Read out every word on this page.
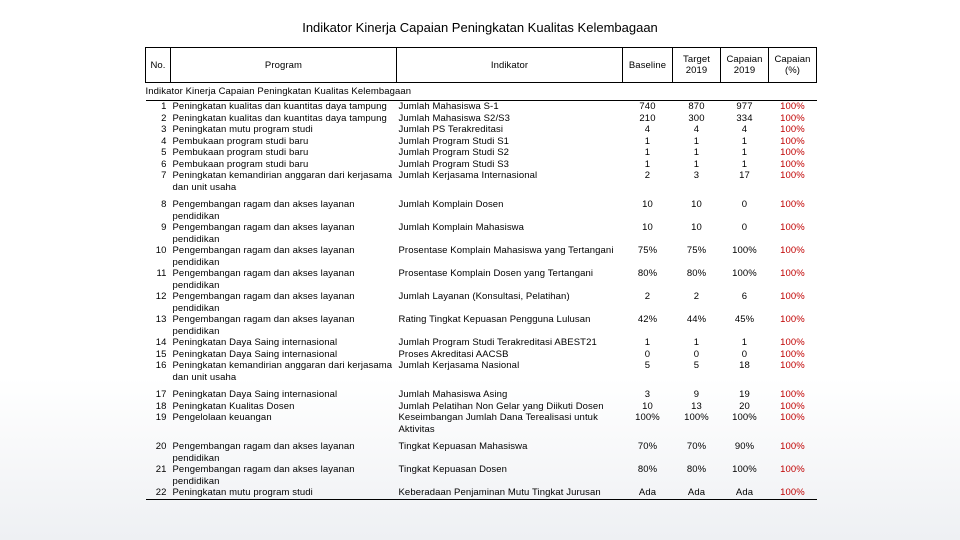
Indikator Kinerja Capaian Peningkatan Kualitas Kelembagaan
No.	Program	Indikator	Baseline	Target 2019	Capaian 2019	Capaian (%)
Indikator Kinerja Capaian Peningkatan Kualitas Kelembagaan						
1	Peningkatan kualitas dan kuantitas daya tampung	Jumlah Mahasiswa S-1	740	870	977	100%
2	Peningkatan kualitas dan kuantitas daya tampung	Jumlah Mahasiswa S2/S3	210	300	334	100%
3	Peningkatan mutu program studi	Jumlah PS Terakreditasi	4	4	4	100%
4	Pembukaan program studi baru	Jumlah Program Studi S1	1	1	1	100%
5	Pembukaan program studi baru	Jumlah Program Studi S2	1	1	1	100%
6	Pembukaan program studi baru	Jumlah Program Studi S3	1	1	1	100%
7	Peningkatan kemandirian anggaran dari kerjasama dan unit usaha	Jumlah Kerjasama Internasional	2	3	17	100%
8	Pengembangan ragam dan akses layanan pendidikan	Jumlah Komplain Dosen	10	10	0	100%
9	Pengembangan ragam dan akses layanan pendidikan	Jumlah Komplain Mahasiswa	10	10	0	100%
10	Pengembangan ragam dan akses layanan pendidikan	Prosentase Komplain Mahasiswa yang Tertangani	75%	75%	100%	100%
11	Pengembangan ragam dan akses layanan pendidikan	Prosentase Komplain Dosen yang Tertangani	80%	80%	100%	100%
12	Pengembangan ragam dan akses layanan pendidikan	Jumlah Layanan (Konsultasi, Pelatihan)	2	2	6	100%
13	Pengembangan ragam dan akses layanan pendidikan	Rating Tingkat Kepuasan Pengguna Lulusan	42%	44%	45%	100%
14	Peningkatan Daya Saing internasional	Jumlah Program Studi Terakreditasi ABEST21	1	1	1	100%
15	Peningkatan Daya Saing internasional	Proses Akreditasi AACSB	0	0	0	100%
16	Peningkatan kemandirian anggaran dari kerjasama dan unit usaha	Jumlah Kerjasama Nasional	5	5	18	100%
17	Peningkatan Daya Saing internasional	Jumlah Mahasiswa Asing	3	9	19	100%
18	Peningkatan Kualitas Dosen	Jumlah Pelatihan Non Gelar yang Diikuti Dosen	10	13	20	100%
19	Pengelolaan keuangan	Keseimbangan Jumlah Dana Terealisasi untuk Aktivitas	100%	100%	100%	100%
20	Pengembangan ragam dan akses layanan pendidikan	Tingkat Kepuasan Mahasiswa	70%	70%	90%	100%
21	Pengembangan ragam dan akses layanan pendidikan	Tingkat Kepuasan Dosen	80%	80%	100%	100%
22	Peningkatan mutu program studi	Keberadaan Penjaminan Mutu Tingkat Jurusan	Ada	Ada	Ada	100%
